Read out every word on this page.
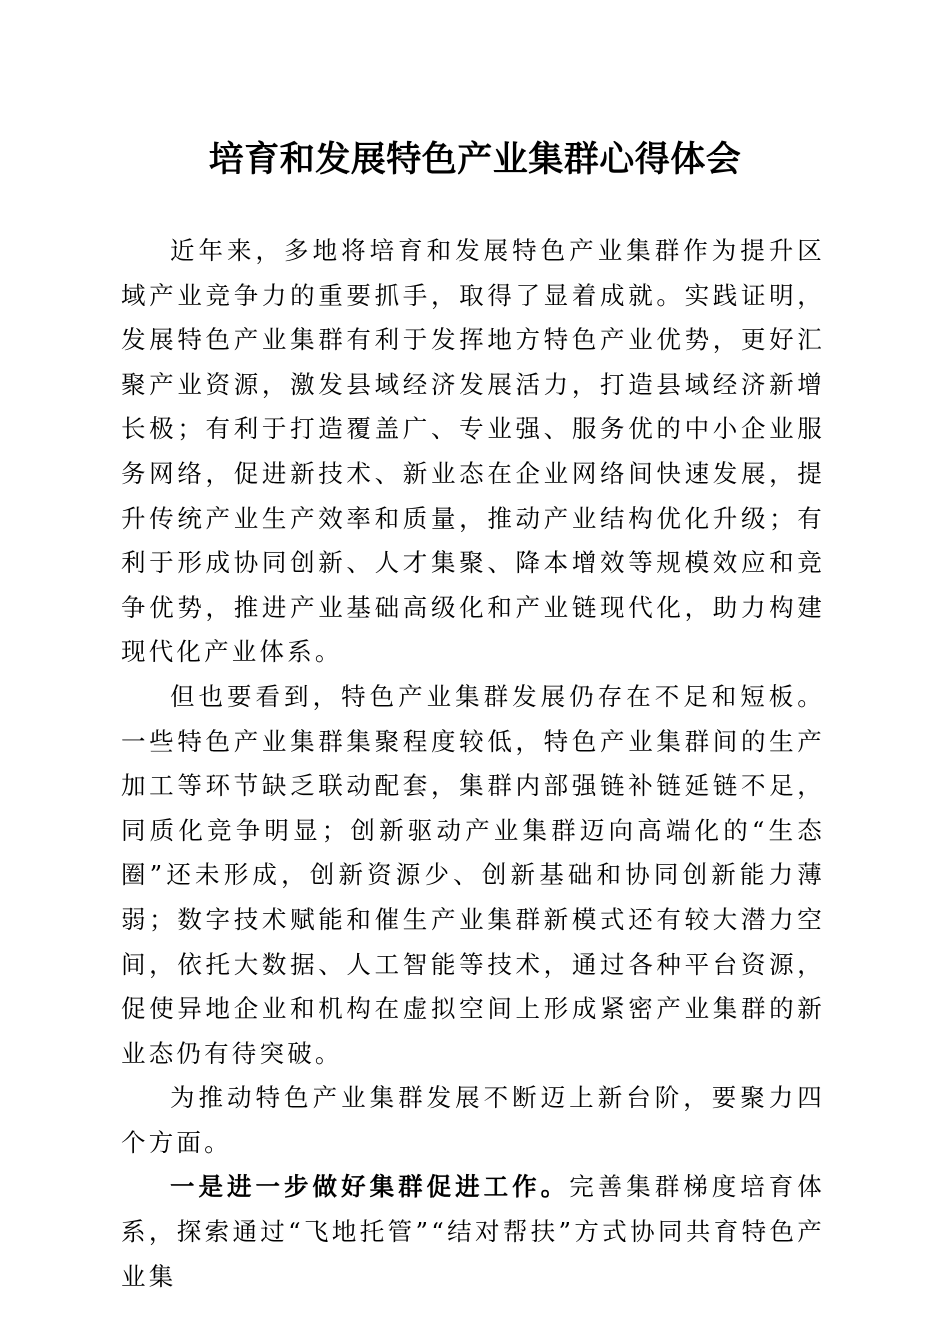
培育和发展特色产业集群心得体会

近年来，多地将培育和发展特色产业集群作为提升区域产业竞争力的重要抓手，取得了显着成就。实践证明，发展特色产业集群有利于发挥地方特色产业优势，更好汇聚产业资源，激发县域经济发展活力，打造县域经济新增长极；有利于打造覆盖广、专业强、服务优的中小企业服务网络，促进新技术、新业态在企业网络间快速发展，提升传统产业生产效率和质量，推动产业结构优化升级；有利于形成协同创新、人才集聚、降本增效等规模效应和竞争优势，推进产业基础高级化和产业链现代化，助力构建现代化产业体系。

但也要看到，特色产业集群发展仍存在不足和短板。一些特色产业集群集聚程度较低，特色产业集群间的生产加工等环节缺乏联动配套，集群内部强链补链延链不足，同质化竞争明显；创新驱动产业集群迈向高端化的“生态圈”还未形成，创新资源少、创新基础和协同创新能力薄弱；数字技术赋能和催生产业集群新模式还有较大潜力空间，依托大数据、人工智能等技术，通过各种平台资源，促使异地企业和机构在虚拟空间上形成紧密产业集群的新业态仍有待突破。

为推动特色产业集群发展不断迈上新台阶，要聚力四个方面。

一是进一步做好集群促进工作。完善集群梯度培育体系，探索通过“飞地托管”“结对帮扶”方式协同共育特色产业集
